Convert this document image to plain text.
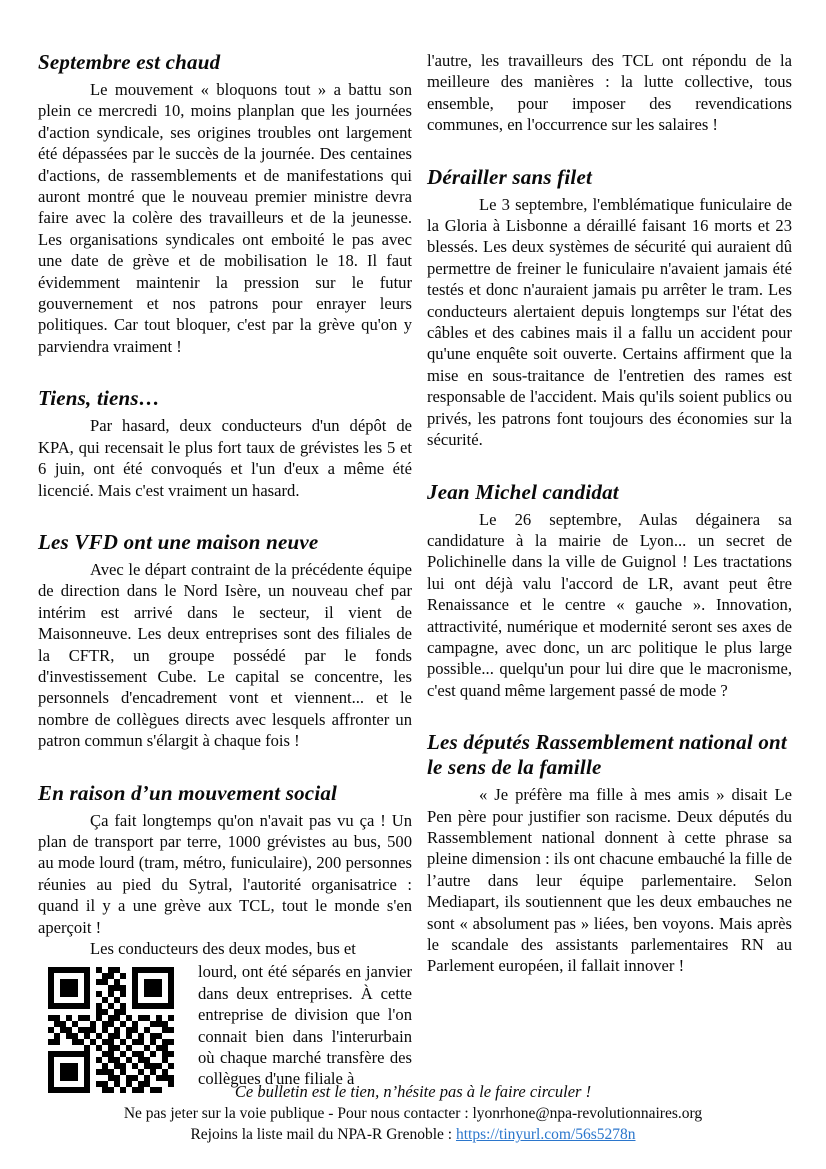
Septembre est chaud

Le mouvement « bloquons tout » a battu son plein ce mercredi 10, moins planplan que les journées d'action syndicale, ses origines troubles ont largement été dépassées par le succès de la journée. Des centaines d'actions, de rassemblements et de manifestations qui auront montré que le nouveau premier ministre devra faire avec la colère des travailleurs et de la jeunesse. Les organisations syndicales ont emboité le pas avec une date de grève et de mobilisation le 18. Il faut évidemment maintenir la pression sur le futur gouvernement et nos patrons pour enrayer leurs politiques. Car tout bloquer, c'est par la grève qu'on y parviendra vraiment !

Tiens, tiens…

Par hasard, deux conducteurs d'un dépôt de KPA, qui recensait le plus fort taux de grévistes les 5 et 6 juin, ont été convoqués et l'un d'eux a même été licencié. Mais c'est vraiment un hasard.

Les VFD ont une maison neuve

Avec le départ contraint de la précédente équipe de direction dans le Nord Isère, un nouveau chef par intérim est arrivé dans le secteur, il vient de Maisonneuve. Les deux entreprises sont des filiales de la CFTR, un groupe possédé par le fonds d'investissement Cube. Le capital se concentre, les personnels d'encadrement vont et viennent... et le nombre de collègues directs avec lesquels affronter un patron commun s'élargit à chaque fois !

En raison d’un mouvement social

Ça fait longtemps qu'on n'avait pas vu ça ! Un plan de transport par terre, 1000 grévistes au bus, 500 au mode lourd (tram, métro, funiculaire), 200 personnes réunies au pied du Sytral, l'autorité organisatrice : quand il y a une grève aux TCL, tout le monde s'en aperçoit !

Les conducteurs des deux modes, bus et

lourd, ont été séparés en janvier dans deux entreprises. À cette entreprise de division que l'on connait bien dans l'interurbain où chaque marché transfère des collègues d'une filiale à

l'autre, les travailleurs des TCL ont répondu de la meilleure des manières : la lutte collective, tous ensemble, pour imposer des revendications communes, en l'occurrence sur les salaires !

Dérailler sans filet

Le 3 septembre, l'emblématique funiculaire de la Gloria à Lisbonne a déraillé faisant 16 morts et 23 blessés. Les deux systèmes de sécurité qui auraient dû permettre de freiner le funiculaire n'avaient jamais été testés et donc n'auraient jamais pu arrêter le tram. Les conducteurs alertaient depuis longtemps sur l'état des câbles et des cabines mais il a fallu un accident pour qu'une enquête soit ouverte. Certains affirment que la mise en sous-traitance de l'entretien des rames est responsable de l'accident. Mais qu'ils soient publics ou privés, les patrons font toujours des économies sur la sécurité.

Jean Michel candidat

Le 26 septembre, Aulas dégainera sa candidature à la mairie de Lyon... un secret de Polichinelle dans la ville de Guignol ! Les tractations lui ont déjà valu l'accord de LR, avant peut être Renaissance et le centre « gauche ». Innovation, attractivité, numérique et modernité seront ses axes de campagne, avec donc, un arc politique le plus large possible... quelqu'un pour lui dire que le macronisme, c'est quand même largement passé de mode ?

Les députés Rassemblement national ont le sens de la famille

« Je préfère ma fille à mes amis » disait Le Pen père pour justifier son racisme. Deux députés du Rassemblement national donnent à cette phrase sa pleine dimension : ils ont chacune embauché la fille de l’autre dans leur équipe parlementaire. Selon Mediapart, ils soutiennent que les deux embauches ne sont « absolument pas » liées, ben voyons. Mais après le scandale des assistants parlementaires RN au Parlement européen, il fallait innover !

Ce bulletin est le tien, n’hésite pas à le faire circuler !

Ne pas jeter sur la voie publique - Pour nous contacter : lyonrhone@npa-revolutionnaires.org

Rejoins la liste mail du NPA-R Grenoble : https://tinyurl.com/56s5278n
